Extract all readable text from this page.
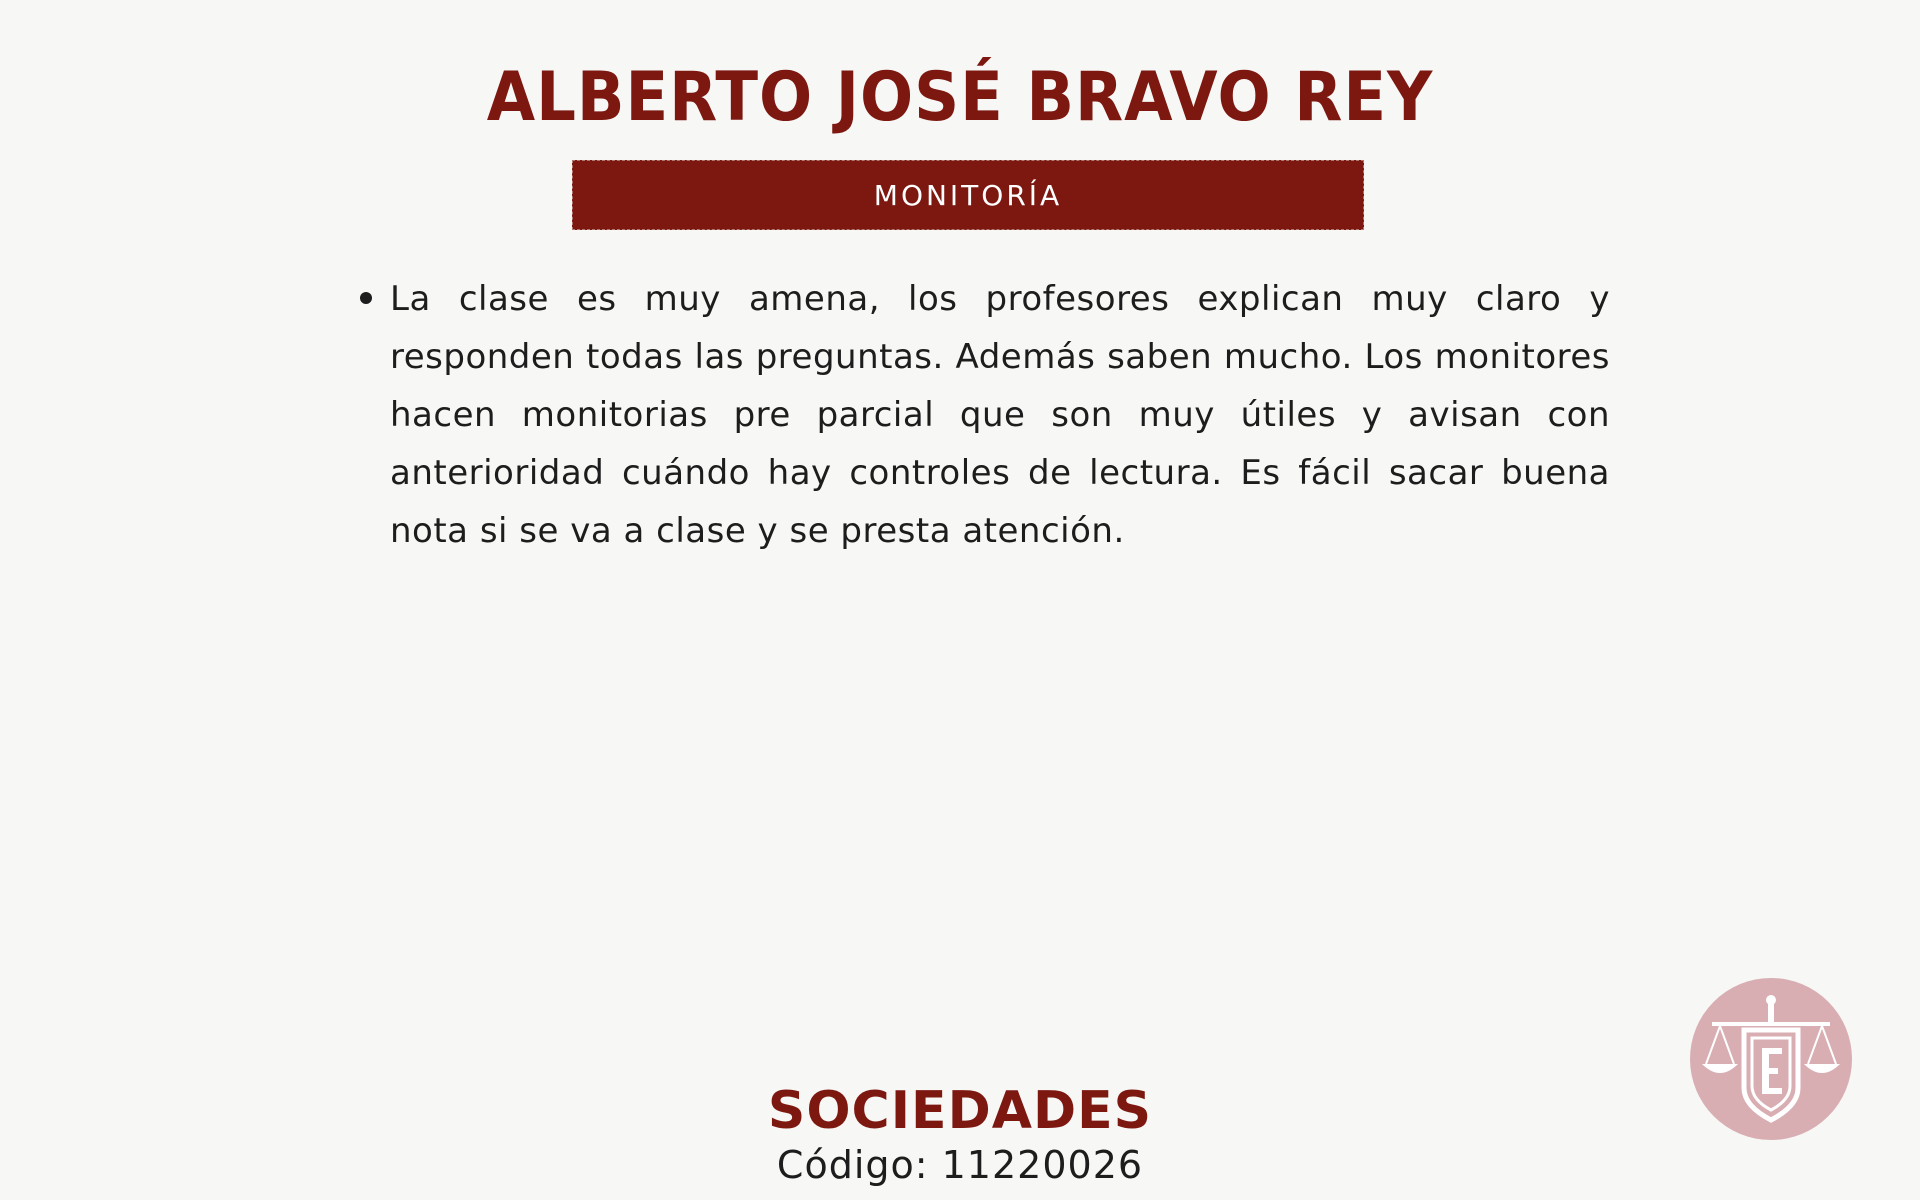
ALBERTO JOSÉ BRAVO REY
MONITORÍA
La clase es muy amena, los profesores explican muy claro y responden todas las preguntas. Además saben mucho. Los monitores hacen monitorias pre parcial que son muy útiles y avisan con anterioridad cuándo hay controles de lectura. Es fácil sacar buena nota si se va a clase y se presta atención.
SOCIEDADES
Código: 11220026
